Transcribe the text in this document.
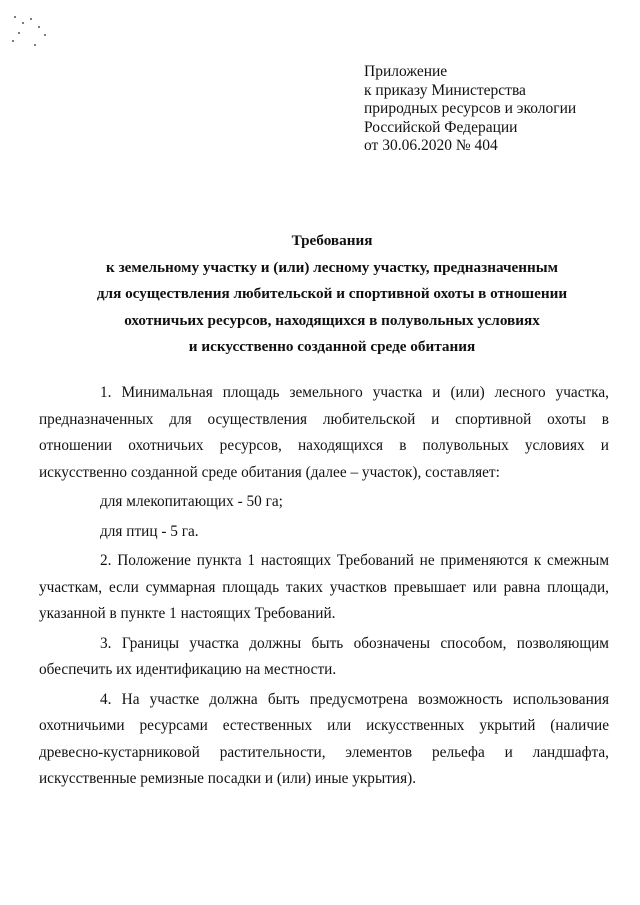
Приложение
к приказу Министерства
природных ресурсов и экологии
Российской Федерации
от 30.06.2020 № 404
Требования
к земельному участку и (или) лесному участку, предназначенным
для осуществления любительской и спортивной охоты в отношении
охотничьих ресурсов, находящихся в полувольных условиях
и искусственно созданной среде обитания
1. Минимальная площадь земельного участка и (или) лесного участка,
предназначенных для осуществления любительской и спортивной охоты в
отношении охотничьих ресурсов, находящихся в полувольных условиях и
искусственно созданной среде обитания (далее – участок), составляет:
для млекопитающих - 50 га;
для птиц - 5 га.
2. Положение пункта 1 настоящих Требований не применяются к смежным
участкам, если суммарная площадь таких участков превышает или равна площади,
указанной в пункте 1 настоящих Требований.
3. Границы участка должны быть обозначены способом, позволяющим
обеспечить их идентификацию на местности.
4. На участке должна быть предусмотрена возможность использования
охотничьими ресурсами естественных или искусственных укрытий (наличие
древесно-кустарниковой растительности, элементов рельефа и ландшафта,
искусственные ремизные посадки и (или) иные укрытия).
